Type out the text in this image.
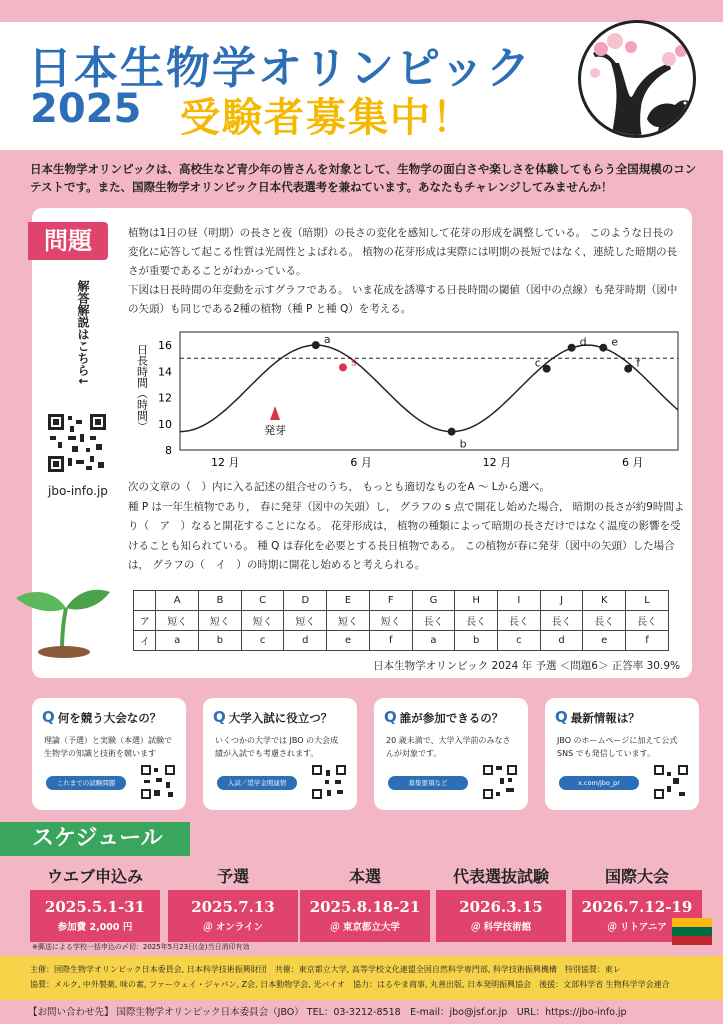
日本生物学オリンピック
2025 受験者募集中！
日本生物学オリンピックは、高校生など青少年の皆さんを対象として、生物学の面白さや楽しさを体験してもらう全国規模のコンテストです。また、国際生物学オリンピック日本代表選考を兼ねています。あなたもチャレンジしてみませんか！
問題
解答解説はこちら↓
jbo-info.jp

植物は1日の昼（明期）の長さと夜（暗期）の長さの変化を感知して花芽の形成を調整している。 このような日長の変化に応答して起こる性質は光周性とよばれる。 植物の花芽形成は実際には明期の長短ではなく，連続した暗期の長さが重要であることがわかっている。

下図は日長時間の年変動を示すグラフである。 いま花成を誘導する日長時間の閾値（図中の点線）も発芽時期（図中の矢頭）も同じである2種の植物（種 P と種 Q）を考える。

日長時間（時間）
8
10
12
14
16
12 月	6 月	12 月	6 月
発芽
a
s
b
c
d e
f

次の文章の（　）内に入る記述の組合せのうち， もっとも適切なものをA ～ Lから選べ。

種 P は一年生植物であり， 春に発芽（図中の矢頭）し， グラフの s 点で開花し始めた場合， 暗期の長さが約9時間より（　ア　）なると開花することになる。 花芽形成は， 植物の種類によって暗期の長さだけではなく温度の影響を受けることも知られている。 種 Q は春化を必要とする長日植物である。 この植物が春に発芽（図中の矢頭）した場合は， グラフの（　イ　）の時期に開花し始めると考えられる。

	A	B	C	D	E	F	G	H	I	J	K	L
ア	短く	短く	短く	短く	短く	短く	長く	長く	長く	長く	長く	長く
イ	a	b	c	d	e	f	a	b	c	d	e	f
日本生物学オリンピック 2024 年 予選 ＜問題6＞ 正答率 30.9%
Q 何を競う大会なの？
理論（予選）と実験（本選）試験で生物学の知識と技術を競います
これまでの試験問題
Q 大学入試に役立つ？
いくつかの大学では JBO の大会成績が入試でも考慮されます。
入試／奨学金関連情
Q 誰が参加できるの？
20 歳未満で、大学入学前のみなさんが対象です。
募集要項など
Q 最新情報は？
JBO のホームページに加えて公式 SNS でも発信しています。
x.com/jbo_pr
スケジュール
ウエブ申込み
2025.5.1-31
参加費 2,000 円
予選
2025.7.13
＠ オンライン
本選
2025.8.18-21
＠ 東京都立大学
代表選抜試験
2026.3.15
＠ 科学技術館
国際大会
2026.7.12-19
＠ リトアニア
※郵送による学校一括申込の〆切：2025年5月23日(金)当日消印有効
主催：国際生物学オリンピック日本委員会, 日本科学技術振興財団　共催：東京都立大学, 高等学校文化連盟全国自然科学専門部, 科学技術振興機構　特別協賛：東レ
協賛：メルク, 中外製薬, 味の素, ファーウェイ・ジャパン, Z会, 日本動物学会, 光バイオ　協力：はるやま商事, 丸善出版, 日本発明振興協会　後援：文部科学省 生物科学学会連合
【お問い合わせ先】 国際生物学オリンピック日本委員会（JBO） TEL：03-3212-8518　E-mail：jbo@jsf.or.jp　URL：https://jbo-info.jp
